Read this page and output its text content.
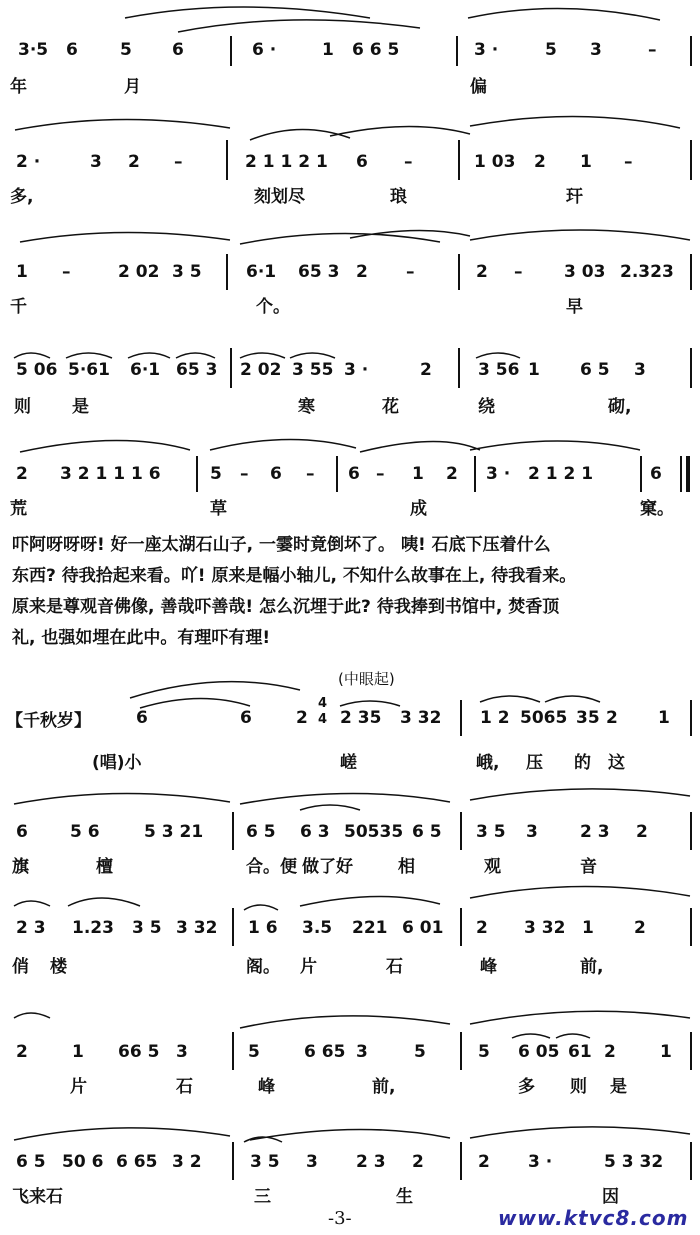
3·5 6 5 6	6 ·	1 6 6 5	3 ·	5 3	–
年	月	偏
2 ·	3 2 –	2 1 1 2 1 6 –	1 03 2 1 –
多,	刻划尽	琅	玕
1 –	2 02 3 5	6·1 65 3 2 –	2 – 3 03 2.323
千	个。	早
5 06 5·61 6·1 65 3 2 02 3 55 3 ·	2	3 56 1 6 5 3
则 是	寒	花	绕	砌,
2 3 2 1 1 1 6	5 – 6 – 6 – 1 2 3 · 2 1 2 1	6
荒	草	成	窠。

吓阿呀呀呀! 好一座太湖石山子, 一霎时竟倒坏了。 咦! 石底下压着什么

东西? 待我拾起来看。吖! 原来是幅小轴儿, 不知什么故事在上, 待我看来。

原来是尊观音佛像, 善哉吓善哉! 怎么沉埋于此? 待我捧到书馆中, 焚香顶

礼, 也强如埋在此中。有理吓有理!

【千秋岁】
(中眼起)
4
4
6	6	2 2 35 3 32 1 2 5065 35 2 1
(唱)小	嵯	峨, 压 的 这
6 5 6	5 3 21	6 5 6 3 50535 6 5 3 5 3 2 3 2
旗	檀	合。便 做了好	相	观	音
2 3 1.23 3 5 3 32 1 6 3.5 221 6 01 2 3 32 1 2
俏 楼	阁。 片	石	峰	前,
2	1 66 5 3	5	6 65 3	5	5 6 05 61 2	1
片	石	峰	前,	多 则 是
6 5 50 6 6 65 3 2	3 5 3 2 3 2	2 3 ·	5 3 32
飞来石	三	生	因
-3-	www.ktvc8.com
